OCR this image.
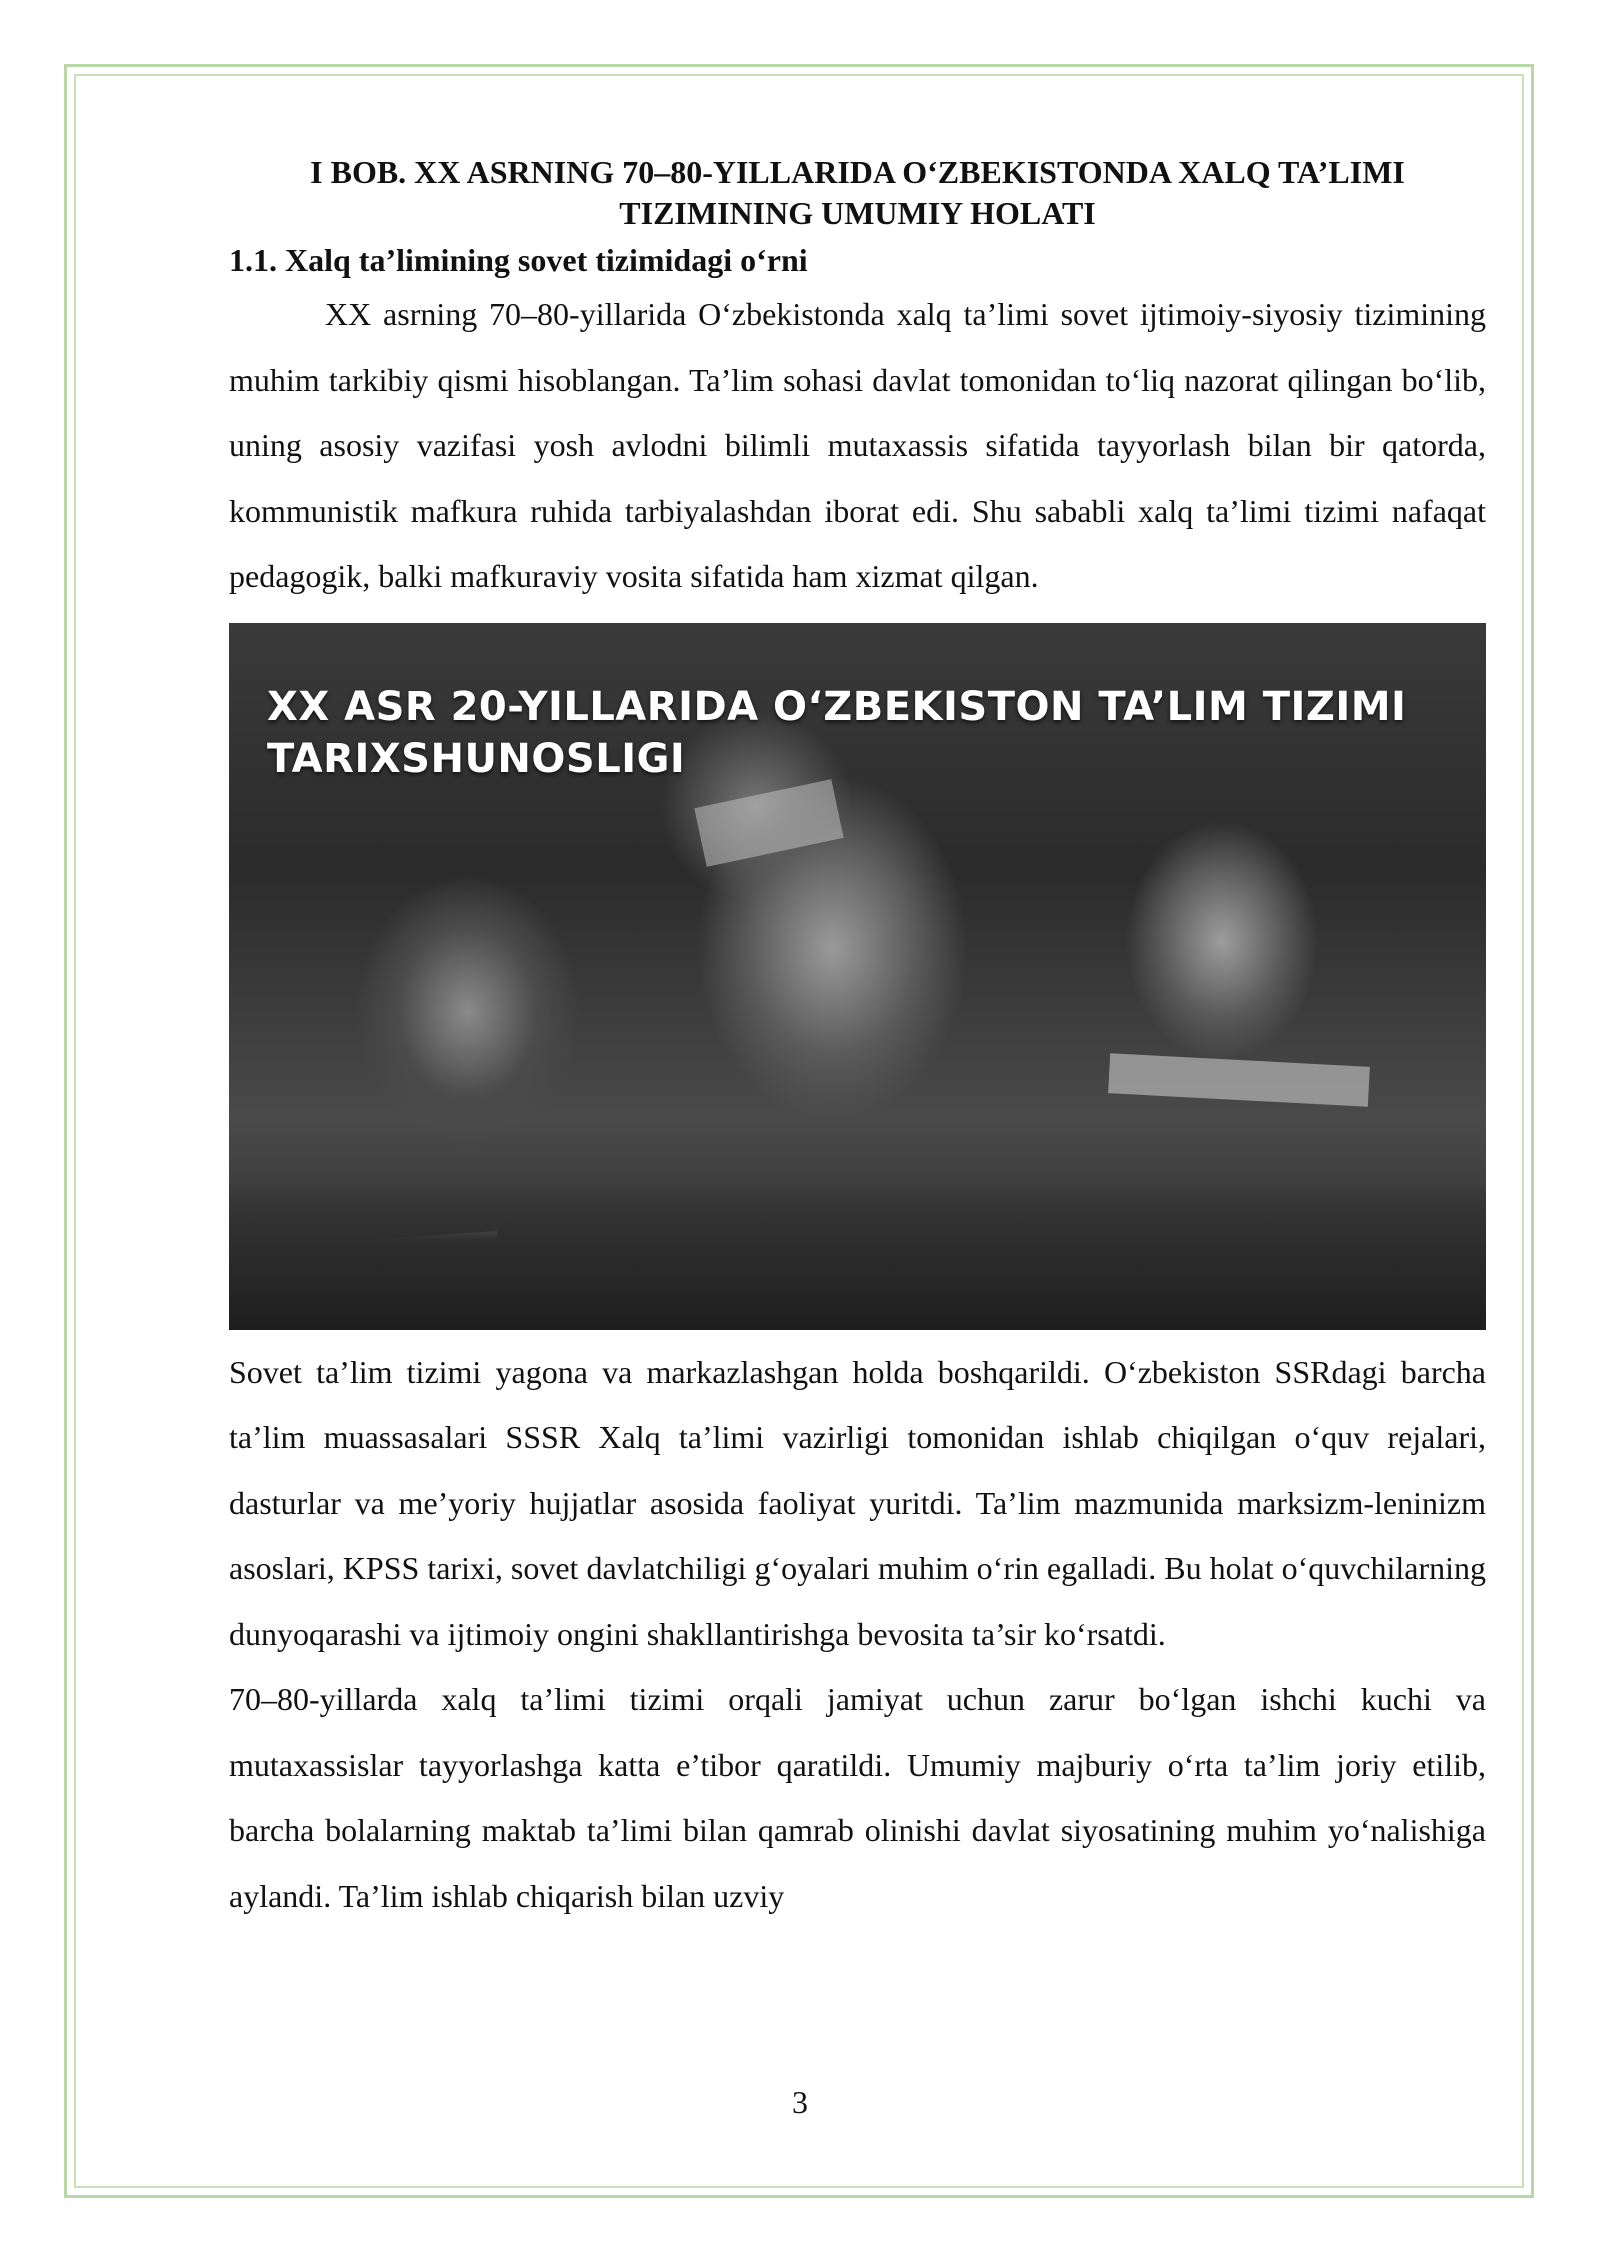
I BOB. XX ASRNING 70–80-YILLARIDA O‘ZBEKISTONDA XALQ TA’LIMI TIZIMINING UMUMIY HOLATI

1.1. Xalq ta’limining sovet tizimidagi o‘rni

XX asrning 70–80-yillarida O‘zbekistonda xalq ta’limi sovet ijtimoiy-siyosiy tizimining muhim tarkibiy qismi hisoblangan. Ta’lim sohasi davlat tomonidan to‘liq nazorat qilingan bo‘lib, uning asosiy vazifasi yosh avlodni bilimli mutaxassis sifatida tayyorlash bilan bir qatorda, kommunistik mafkura ruhida tarbiyalashdan iborat edi. Shu sababli xalq ta’limi tizimi nafaqat pedagogik, balki mafkuraviy vosita sifatida ham xizmat qilgan.

XX ASR 20-YILLARIDA O‘ZBEKISTON TA’LIM TIZIMI
TARIXSHUNOSLIGI

Sovet ta’lim tizimi yagona va markazlashgan holda boshqarildi. O‘zbekiston SSRdagi barcha ta’lim muassasalari SSSR Xalq ta’limi vazirligi tomonidan ishlab chiqilgan o‘quv rejalari, dasturlar va me’yoriy hujjatlar asosida faoliyat yuritdi. Ta’lim mazmunida marksizm-leninizm asoslari, KPSS tarixi, sovet davlatchiligi g‘oyalari muhim o‘rin egalladi. Bu holat o‘quvchilarning dunyoqarashi va ijtimoiy ongini shakllantirishga bevosita ta’sir ko‘rsatdi.

70–80-yillarda xalq ta’limi tizimi orqali jamiyat uchun zarur bo‘lgan ishchi kuchi va mutaxassislar tayyorlashga katta e’tibor qaratildi. Umumiy majburiy o‘rta ta’lim joriy etilib, barcha bolalarning maktab ta’limi bilan qamrab olinishi davlat siyosatining muhim yo‘nalishiga aylandi. Ta’lim ishlab chiqarish bilan uzviy

3
